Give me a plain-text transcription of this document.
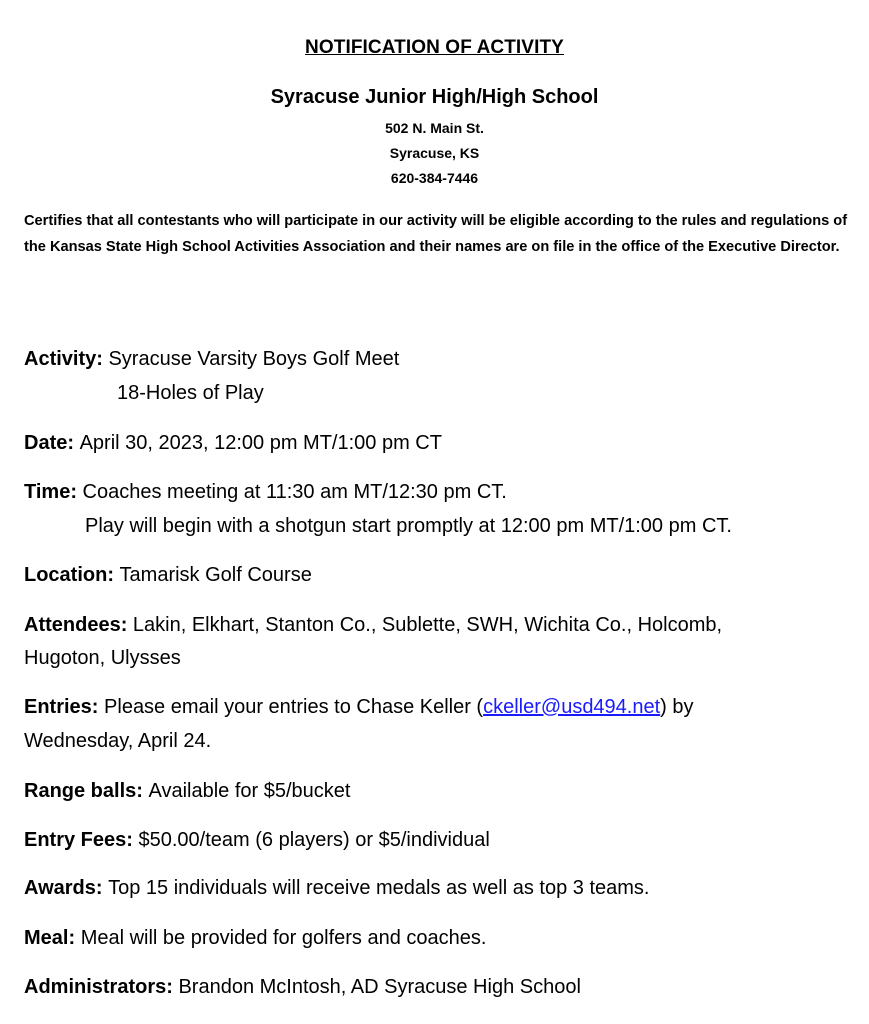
NOTIFICATION OF ACTIVITY
Syracuse Junior High/High School
502 N. Main St.
Syracuse, KS
620-384-7446
Certifies that all contestants who will participate in our activity will be eligible according to the rules and regulations of the Kansas State High School Activities Association and their names are on file in the office of the Executive Director.
Activity: Syracuse Varsity Boys Golf Meet
18-Holes of Play
Date: April 30, 2023, 12:00 pm MT/1:00 pm CT
Time: Coaches meeting at 11:30 am MT/12:30 pm CT.
Play will begin with a shotgun start promptly at 12:00 pm MT/1:00 pm CT.
Location: Tamarisk Golf Course
Attendees: Lakin, Elkhart, Stanton Co., Sublette, SWH, Wichita Co., Holcomb,
Hugoton, Ulysses
Entries: Please email your entries to Chase Keller (ckeller@usd494.net) by
Wednesday, April 24.
Range balls: Available for $5/bucket
Entry Fees: $50.00/team (6 players) or $5/individual
Awards: Top 15 individuals will receive medals as well as top 3 teams.
Meal: Meal will be provided for golfers and coaches.
Administrators: Brandon McIntosh, AD Syracuse High School
